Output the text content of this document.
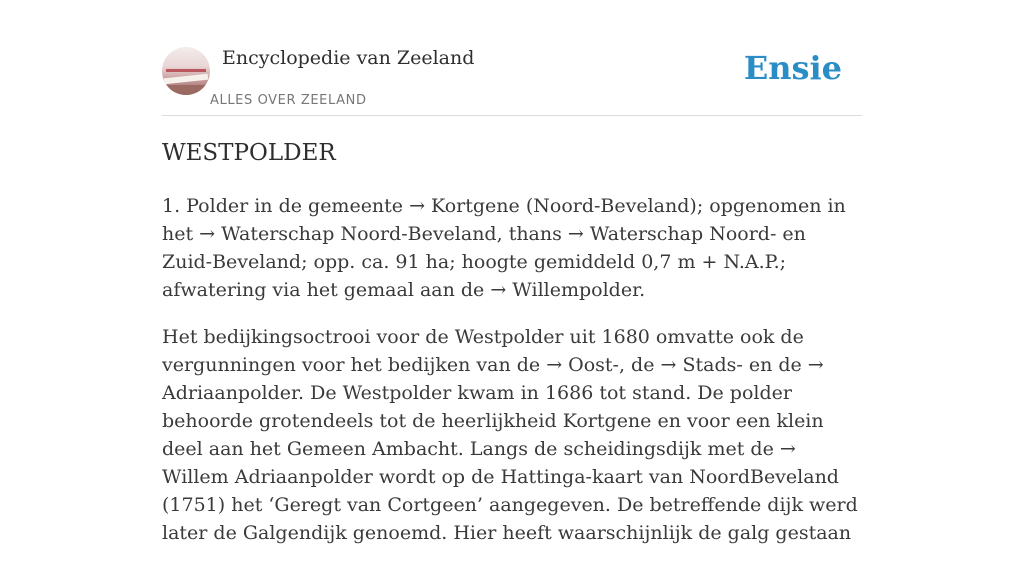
Encyclopedie van Zeeland
ALLES OVER ZEELAND
Ensie
WESTPOLDER

1. Polder in de gemeente → Kortgene (Noord-Beveland); opgenomen in het → Waterschap Noord-Beveland, thans → Waterschap Noord- en Zuid-Beveland; opp. ca. 91 ha; hoogte gemiddeld 0,7 m + N.A.P.; afwatering via het gemaal aan de → Willempolder.

Het bedijkingsoctrooi voor de Westpolder uit 1680 omvatte ook de vergunningen voor het bedijken van de → Oost-, de → Stads- en de → Adriaanpolder. De Westpolder kwam in 1686 tot stand. De polder behoorde grotendeels tot de heerlijkheid Kortgene en voor een klein deel aan het Gemeen Ambacht. Langs de scheidingsdijk met de → Willem Adriaanpolder wordt op de Hattinga-kaart van NoordBeveland (1751) het ‘Geregt van Cortgeen’ aangegeven. De betreffende dijk werd later de Galgendijk genoemd. Hier heeft waarschijnlijk de galg gestaan
